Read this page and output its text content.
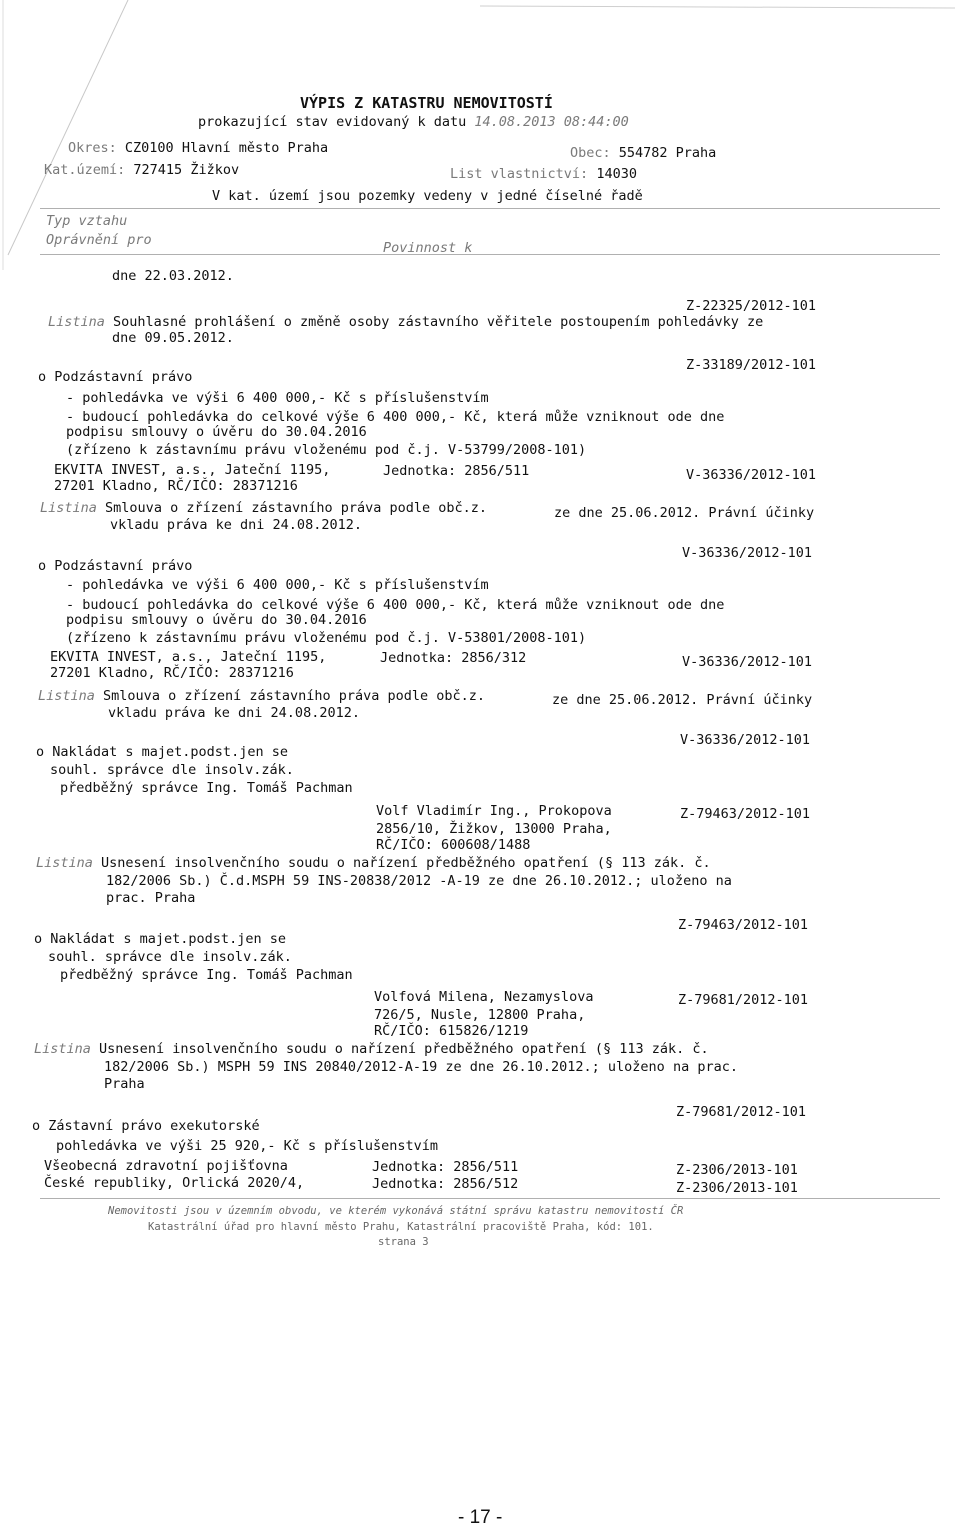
VÝPIS Z KATASTRU NEMOVITOSTÍ
prokazující stav evidovaný k datu 14.08.2013 08:44:00
Okres: CZ0100 Hlavní město Praha	Obec: 554782 Praha
Kat.území: 727415 Žižkov	List vlastnictví: 14030
V kat. území jsou pozemky vedeny v jedné číselné řadě
Typ vztahu
Oprávnění pro	Povinnost k
dne 22.03.2012.
Z-22325/2012-101
Listina Souhlasné prohlášení o změně osoby zástavního věřitele postoupením pohledávky ze
dne 09.05.2012.
Z-33189/2012-101
o Podzástavní právo
- pohledávka ve výši 6 400 000,- Kč s příslušenstvím
- budoucí pohledávka do celkové výše 6 400 000,- Kč, která může vzniknout ode dne
podpisu smlouvy o úvěru do 30.04.2016
(zřízeno k zástavnímu právu vloženému pod č.j. V-53799/2008-101)
EKVITA INVEST, a.s., Jateční 1195,	Jednotka: 2856/511	V-36336/2012-101
27201 Kladno, RČ/IČO: 28371216
Listina Smlouva o zřízení zástavního práva podle obč.z.	ze dne 25.06.2012. Právní účinky
vkladu práva ke dni 24.08.2012.
V-36336/2012-101
o Podzástavní právo
- pohledávka ve výši 6 400 000,- Kč s příslušenstvím
- budoucí pohledávka do celkové výše 6 400 000,- Kč, která může vzniknout ode dne
podpisu smlouvy o úvěru do 30.04.2016
(zřízeno k zástavnímu právu vloženému pod č.j. V-53801/2008-101)
EKVITA INVEST, a.s., Jateční 1195,	Jednotka: 2856/312	V-36336/2012-101
27201 Kladno, RČ/IČO: 28371216
Listina Smlouva o zřízení zástavního práva podle obč.z.	ze dne 25.06.2012. Právní účinky
vkladu práva ke dni 24.08.2012.
V-36336/2012-101
o Nakládat s majet.podst.jen se
souhl. správce dle insolv.zák.
předběžný správce Ing. Tomáš Pachman
Volf Vladimír Ing., Prokopova	Z-79463/2012-101
2856/10, Žižkov, 13000 Praha,
RČ/IČO: 600608/1488
Listina Usnesení insolvenčního soudu o nařízení předběžného opatření (§ 113 zák. č.
182/2006 Sb.) Č.d.MSPH 59 INS-20838/2012 -A-19 ze dne 26.10.2012.; uloženo na
prac. Praha
Z-79463/2012-101
o Nakládat s majet.podst.jen se
souhl. správce dle insolv.zák.
předběžný správce Ing. Tomáš Pachman
Volfová Milena, Nezamyslova	Z-79681/2012-101
726/5, Nusle, 12800 Praha,
RČ/IČO: 615826/1219
Listina Usnesení insolvenčního soudu o nařízení předběžného opatření (§ 113 zák. č.
182/2006 Sb.) MSPH 59 INS 20840/2012-A-19 ze dne 26.10.2012.; uloženo na prac.
Praha
Z-79681/2012-101
o Zástavní právo exekutorské
pohledávka ve výši 25 920,- Kč s příslušenstvím
Všeobecná zdravotní pojišťovna	Jednotka: 2856/511	Z-2306/2013-101
České republiky, Orlická 2020/4,	Jednotka: 2856/512	Z-2306/2013-101
Nemovitosti jsou v územním obvodu, ve kterém vykonává státní správu katastru nemovitostí ČR
Katastrální úřad pro hlavní město Prahu, Katastrální pracoviště Praha, kód: 101.
strana 3
- 17 -
